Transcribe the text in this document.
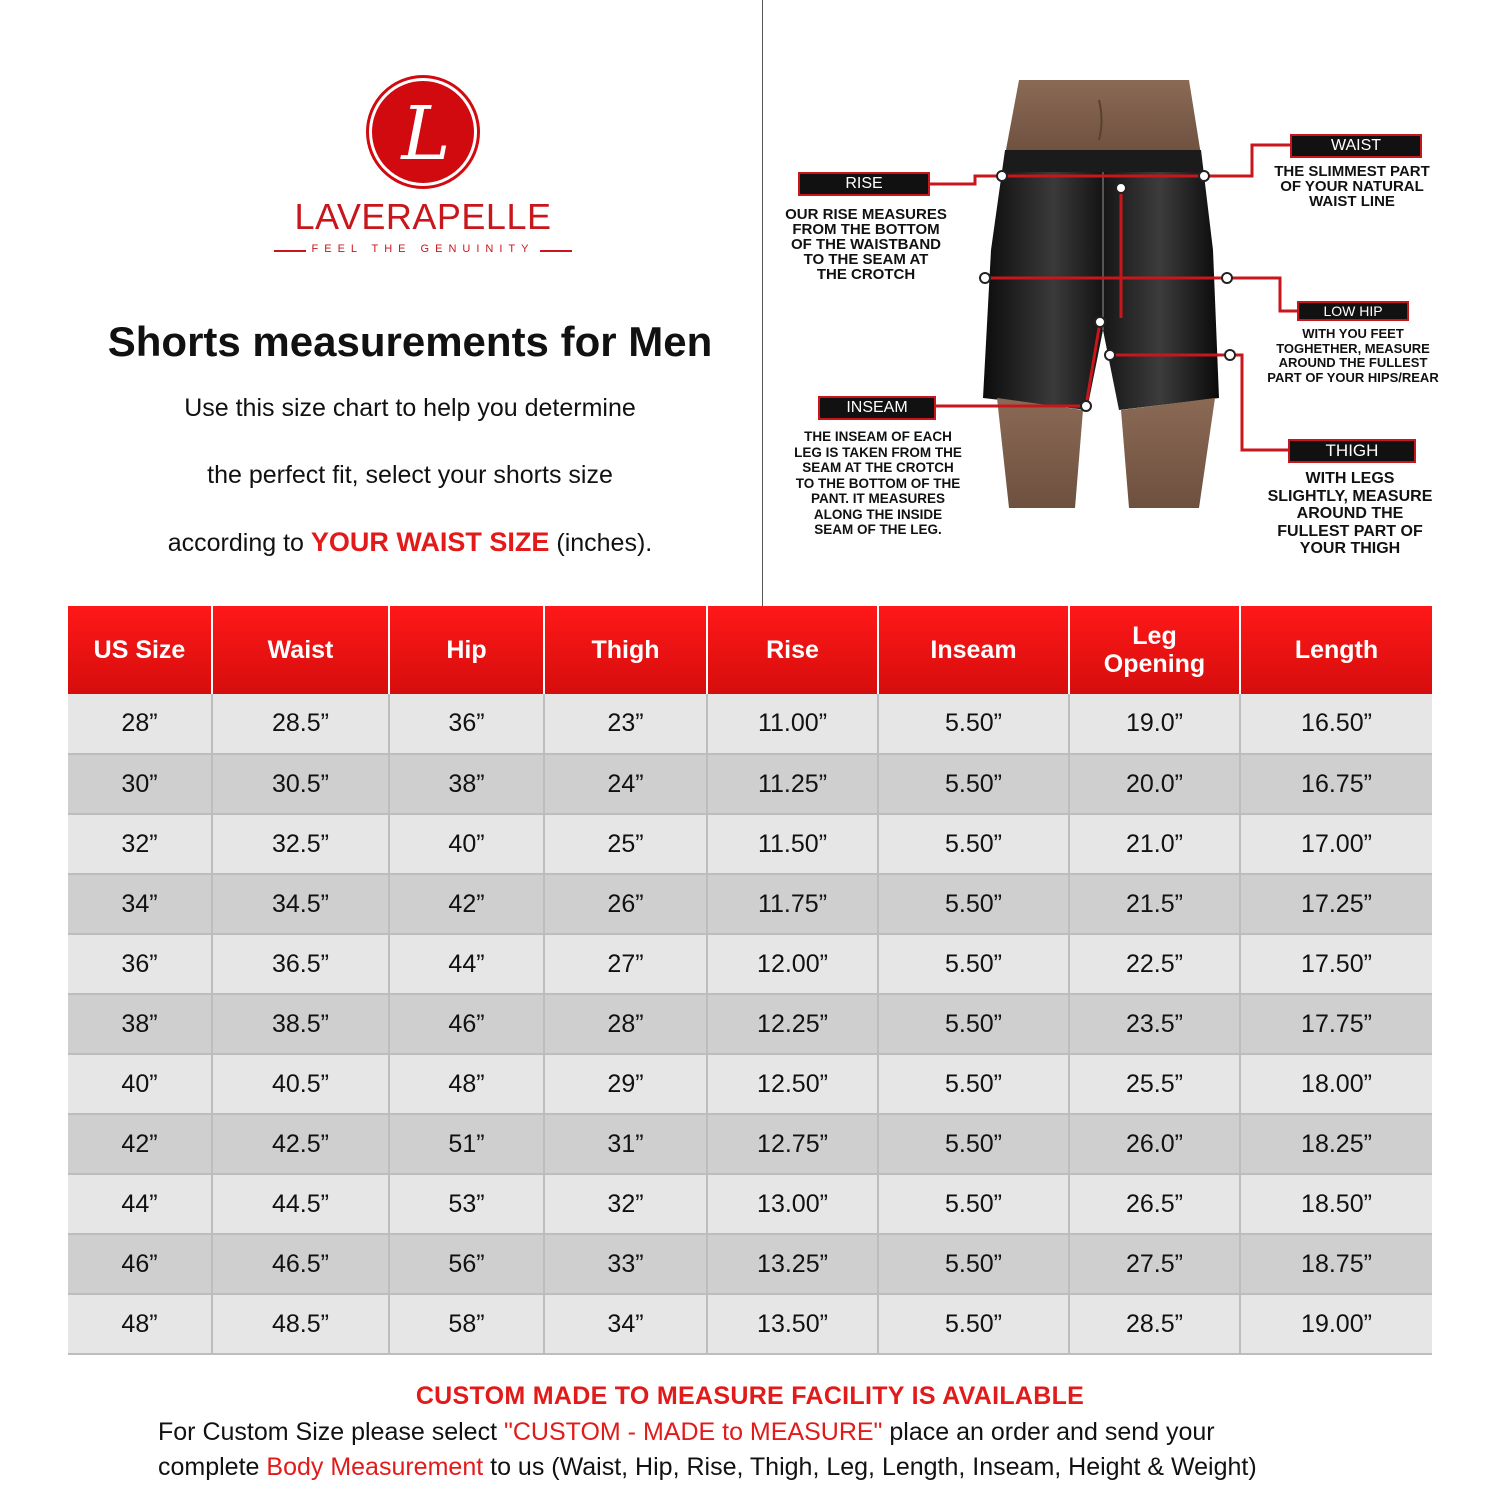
L
LAVERAPELLE
FEEL THE GENUINITY
Shorts measurements for Men
Use this size chart to help you determine
the perfect fit, select your shorts size
according to YOUR WAIST SIZE (inches).
WAIST
THE SLIMMEST PART
OF YOUR NATURAL
WAIST LINE
RISE
OUR RISE MEASURES
FROM THE BOTTOM
OF THE WAISTBAND
TO THE SEAM AT
THE CROTCH
LOW HIP
WITH YOU FEET
TOGHETHER, MEASURE
AROUND THE FULLEST
PART OF YOUR HIPS/REAR
INSEAM
THE INSEAM OF EACH
LEG IS TAKEN FROM THE
SEAM AT THE CROTCH
TO THE BOTTOM OF THE
PANT. IT MEASURES
ALONG THE INSIDE
SEAM OF THE LEG.
THIGH
WITH LEGS
SLIGHTLY, MEASURE
AROUND THE
FULLEST PART OF
YOUR THIGH
US Size	Waist	Hip	Thigh	Rise	Inseam	Leg Opening	Length
28”	28.5”	36”	23”	11.00”	5.50”	19.0”	16.50”
30”	30.5”	38”	24”	11.25”	5.50”	20.0”	16.75”
32”	32.5”	40”	25”	11.50”	5.50”	21.0”	17.00”
34”	34.5”	42”	26”	11.75”	5.50”	21.5”	17.25”
36”	36.5”	44”	27”	12.00”	5.50”	22.5”	17.50”
38”	38.5”	46”	28”	12.25”	5.50”	23.5”	17.75”
40”	40.5”	48”	29”	12.50”	5.50”	25.5”	18.00”
42”	42.5”	51”	31”	12.75”	5.50”	26.0”	18.25”
44”	44.5”	53”	32”	13.00”	5.50”	26.5”	18.50”
46”	46.5”	56”	33”	13.25”	5.50”	27.5”	18.75”
48”	48.5”	58”	34”	13.50”	5.50”	28.5”	19.00”
CUSTOM MADE TO MEASURE FACILITY IS AVAILABLE
For Custom Size please select "CUSTOM - MADE to MEASURE" place an order and send your
complete Body Measurement to us (Waist, Hip, Rise, Thigh, Leg, Length, Inseam, Height & Weight)
